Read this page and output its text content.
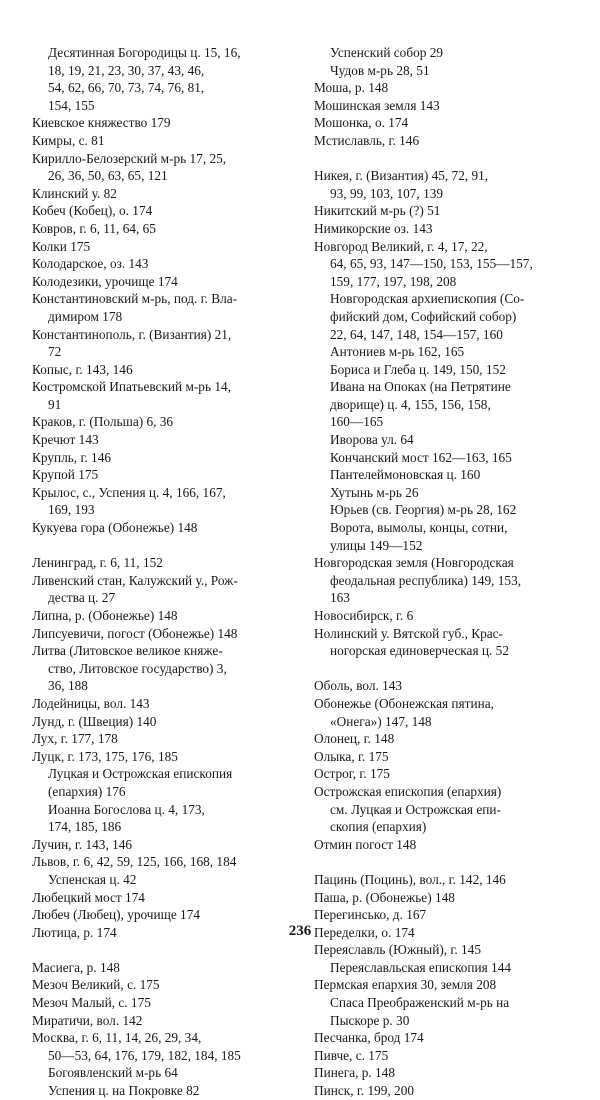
Десятинная Богородицы ц. 15, 16,
18, 19, 21, 23, 30, 37, 43, 46,
54, 62, 66, 70, 73, 74, 76, 81,
154, 155
Киевское княжество 179
Кимры, с. 81
Кирилло-Белозерский м-рь 17, 25,
26, 36, 50, 63, 65, 121
Клинский у. 82
Кобеч (Кобец), о. 174
Ковров, г. 6, 11, 64, 65
Колки 175
Колодарское, оз. 143
Колодезики, урочище 174
Константиновский м-рь, под. г. Вла-
димиром 178
Константинополь, г. (Византия) 21,
72
Копыс, г. 143, 146
Костромской Ипатьевский м-рь 14,
91
Краков, г. (Польша) 6, 36
Кречют 143
Крупль, г. 146
Крупой 175
Крылос, с., Успения ц. 4, 166, 167,
169, 193
Кукуева гора (Обонежье) 148
Ленинград, г. 6, 11, 152
Ливенский стан, Калужский у., Рож-
дества ц. 27
Липна, р. (Обонежье) 148
Липсуевичи, погост (Обонежье) 148
Литва (Литовское великое княже-
ство, Литовское государство) 3,
36, 188
Лодейницы, вол. 143
Лунд, г. (Швеция) 140
Лух, г. 177, 178
Луцк, г. 173, 175, 176, 185
Луцкая и Острожская епископия
(епархия) 176
Иоанна Богослова ц. 4, 173,
174, 185, 186
Лучин, г. 143, 146
Львов, г. 6, 42, 59, 125, 166, 168, 184
Успенская ц. 42
Любецкий мост 174
Любеч (Любец), урочище 174
Лютица, р. 174
Масиега, р. 148
Мезоч Великий, с. 175
Мезоч Малый, с. 175
Миратичи, вол. 142
Москва, г. 6, 11, 14, 26, 29, 34,
50—53, 64, 176, 179, 182, 184, 185
Богоявленский м-рь 64
Успения ц. на Покровке 82
Успенский собор 29
Чудов м-рь 28, 51
Моша, р. 148
Мошинская земля 143
Мошонка, о. 174
Мстиславль, г. 146
Никея, г. (Византия) 45, 72, 91,
93, 99, 103, 107, 139
Никитский м-рь (?) 51
Нимикорские оз. 143
Новгород Великий, г. 4, 17, 22,
64, 65, 93, 147—150, 153, 155—157,
159, 177, 197, 198, 208
Новгородская архиепископия (Со-
фийский дом, Софийский собор)
22, 64, 147, 148, 154—157, 160
Антониев м-рь 162, 165
Бориса и Глеба ц. 149, 150, 152
Ивана на Опоках (на Петрятине
дворище) ц. 4, 155, 156, 158,
160—165
Иворова ул. 64
Кончанский мост 162—163, 165
Пантелеймоновская ц. 160
Хутынь м-рь 26
Юрьев (св. Георгия) м-рь 28, 162
Ворота, вымолы, концы, сотни,
улицы 149—152
Новгородская земля (Новгородская
феодальная республика) 149, 153,
163
Новосибирск, г. 6
Нолинский у. Вятской губ., Крас-
ногорская единоверческая ц. 52
Оболь, вол. 143
Обонежье (Обонежская пятина,
«Онега») 147, 148
Олонец, г. 148
Олыка, г. 175
Острог, г. 175
Острожская епископия (епархия)
см. Луцкая и Острожская епи-
скопия (епархия)
Отмин погост 148
Пацинь (Поцинь), вол., г. 142, 146
Паша, р. (Обонежье) 148
Перегинсько, д. 167
Переделки, о. 174
Переяславль (Южный), г. 145
Переяславльская епископия 144
Пермская епархия 30, земля 208
Спаса Преображенский м-рь на
Пыскоре р. 30
Песчанка, брод 174
Пивче, с. 175
Пинега, р. 148
Пинск, г. 199, 200
236
